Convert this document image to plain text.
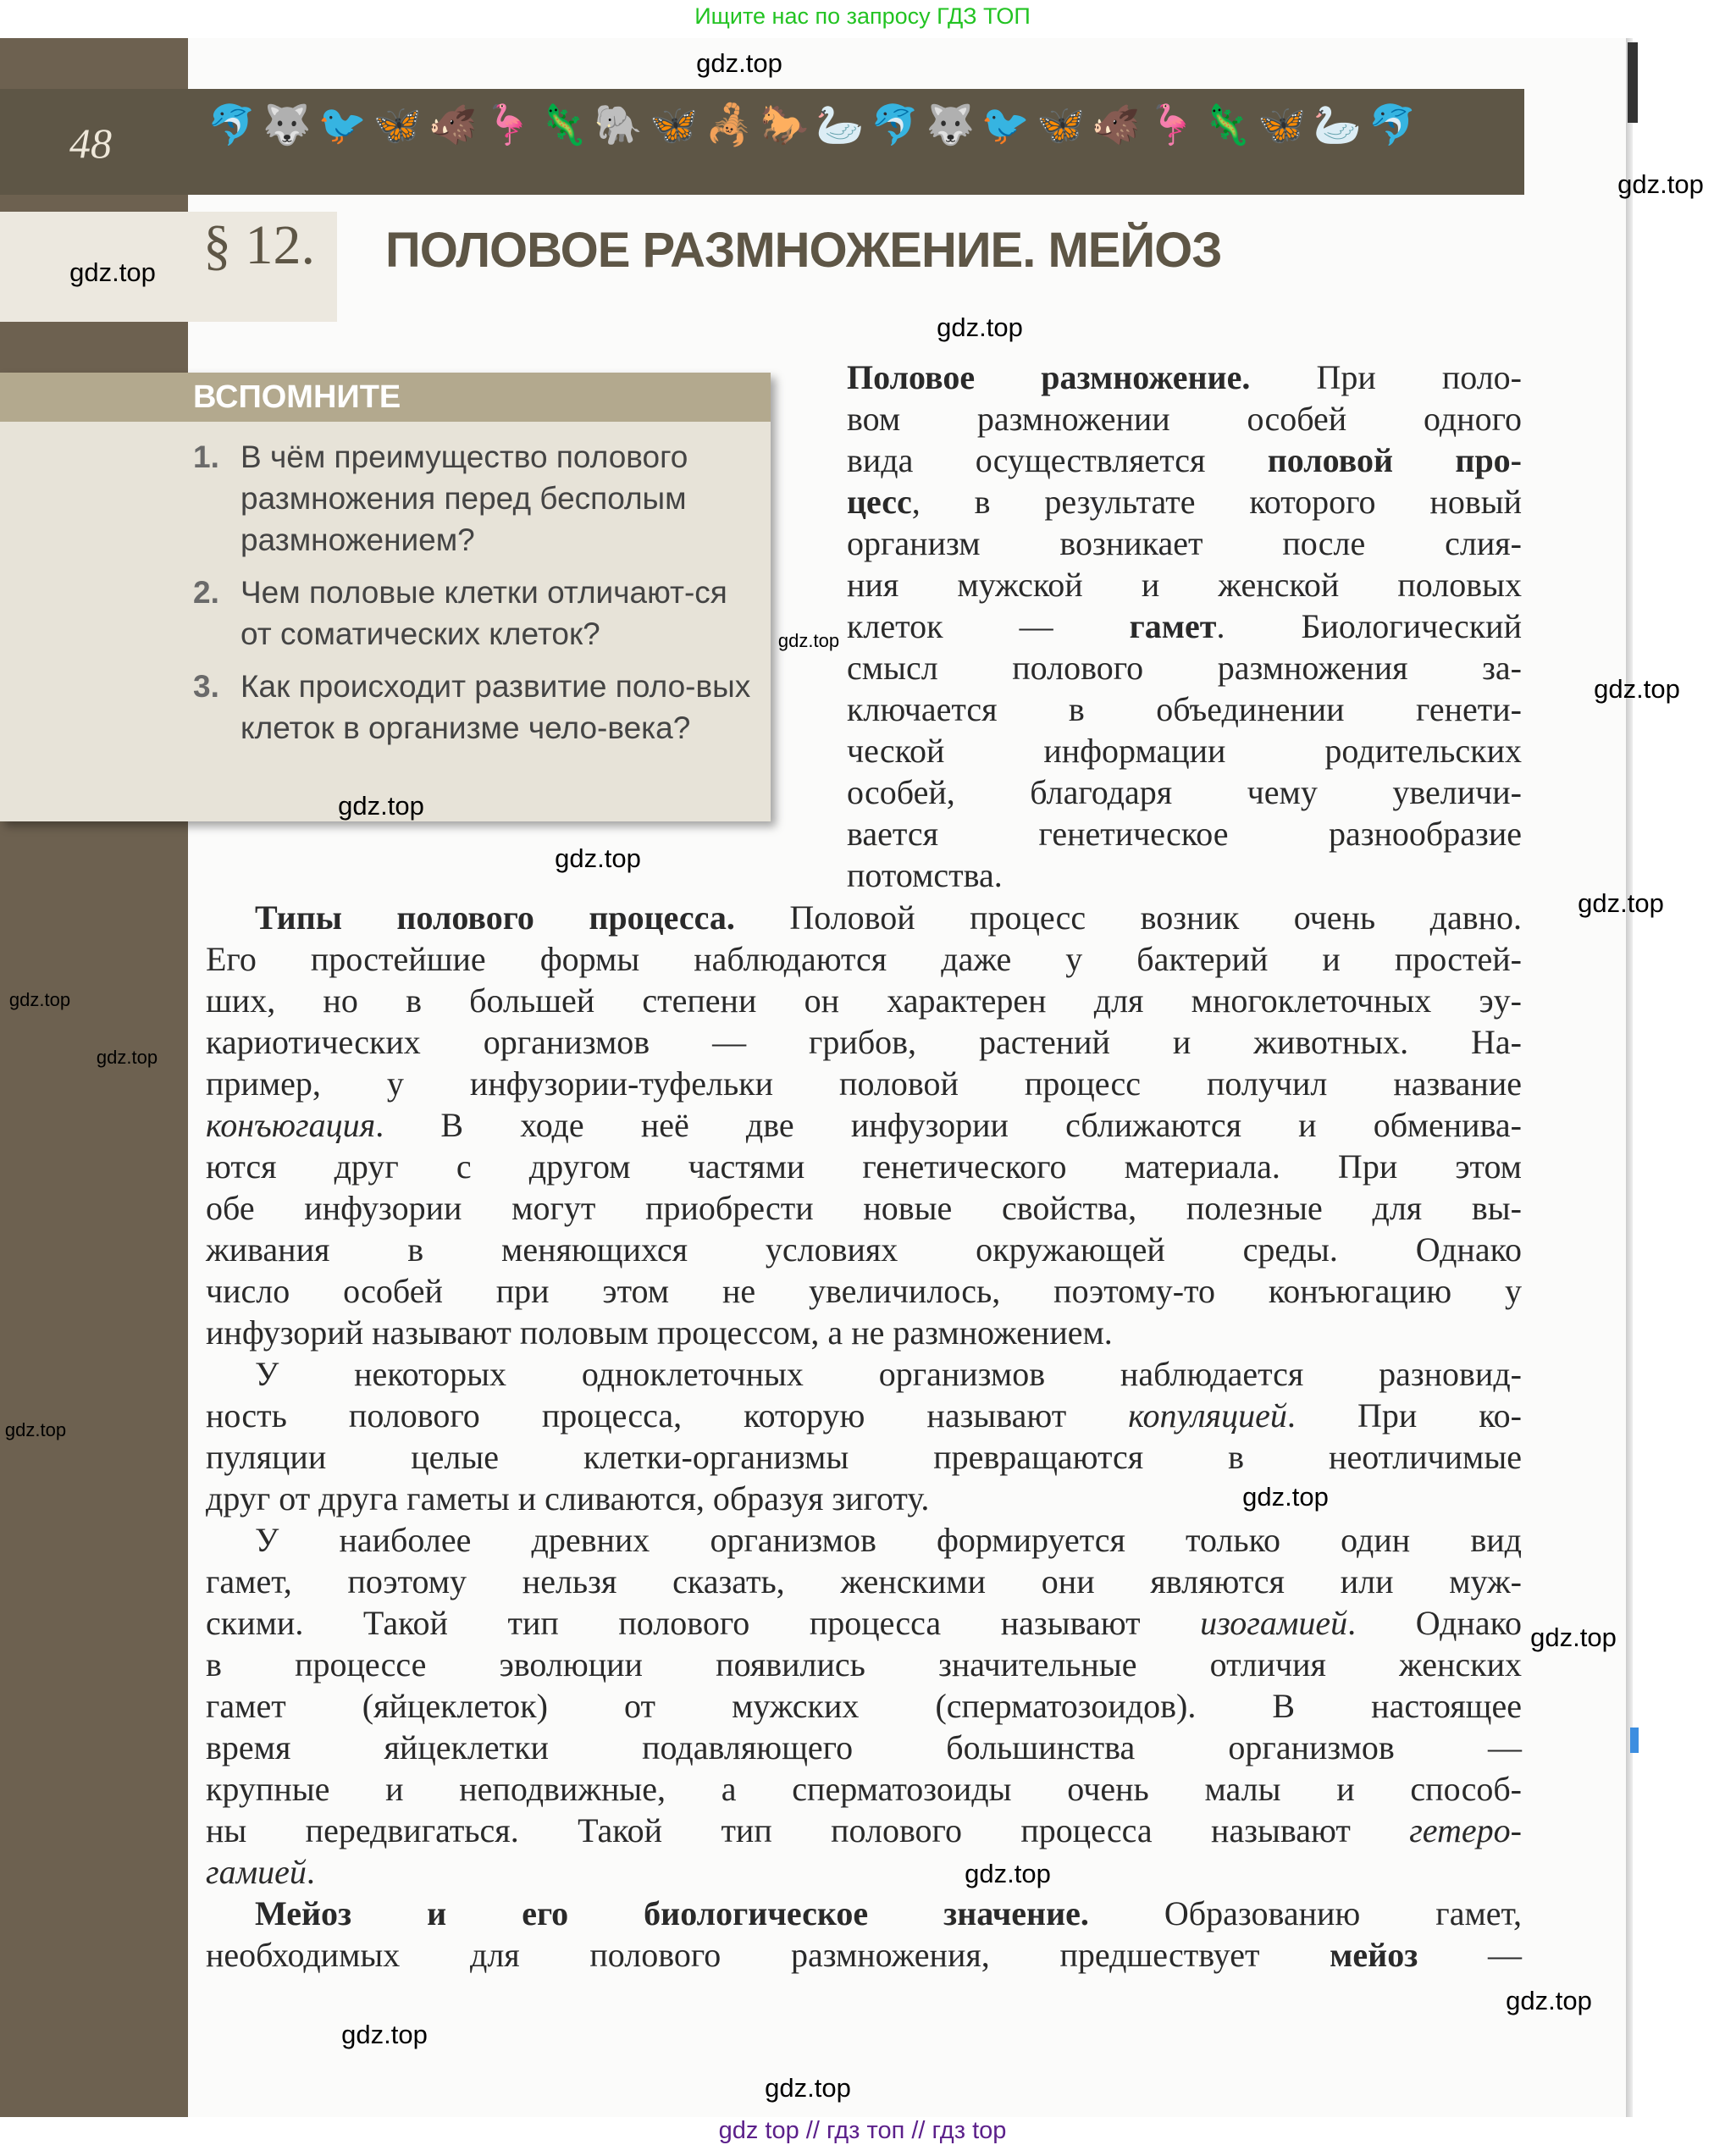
Ищите нас по запросу ГДЗ ТОП
48 🐬🐺🐦🦋🐗🦩🦎🐘🦋🦂🐎🦢🐬🐺🐦🦋🐗🦩🦎🦋🦢🐬
§ 12. ПОЛОВОЕ РАЗМНОЖЕНИЕ. МЕЙОЗ
ВСПОМНИТЕ
1. В чём преимущество полового размножения перед бесполым размножением?
2. Чем половые клетки отличают-ся от соматических клеток?
3. Как происходит развитие поло-вых клеток в организме чело-века?
Половое размножение. При поло-
вом размножении особей одного
вида осуществляется половой про-
цесс, в результате которого новый
организм возникает после слия-
ния мужской и женской половых
клеток — гамет. Биологический
смысл полового размножения за-
ключается в объединении генети-
ческой информации родительских
особей, благодаря чему увеличи-
вается генетическое разнообразие
потомства.
Типы полового процесса. Половой процесс возник очень давно.
Его простейшие формы наблюдаются даже у бактерий и простей-
ших, но в большей степени он характерен для многоклеточных эу-
кариотических организмов — грибов, растений и животных. На-
пример, у инфузории-туфельки половой процесс получил название
конъюгация. В ходе неё две инфузории сближаются и обменива-
ются друг с другом частями генетического материала. При этом
обе инфузории могут приобрести новые свойства, полезные для вы-
живания в меняющихся условиях окружающей среды. Однако
число особей при этом не увеличилось, поэтому-то конъюгацию у
инфузорий называют половым процессом, а не размножением.
У некоторых одноклеточных организмов наблюдается разновид-
ность полового процесса, которую называют копуляцией. При ко-
пуляции целые клетки-организмы превращаются в неотличимые
друг от друга гаметы и сливаются, образуя зиготу.
У наиболее древних организмов формируется только один вид
гамет, поэтому нельзя сказать, женскими они являются или муж-
скими. Такой тип полового процесса называют изогамией. Однако
в процессе эволюции появились значительные отличия женских
гамет (яйцеклеток) от мужских (сперматозоидов). В настоящее
время яйцеклетки подавляющего большинства организмов —
крупные и неподвижные, а сперматозоиды очень малы и способ-
ны передвигаться. Такой тип полового процесса называют гетеро-
гамией.
Мейоз и его биологическое значение. Образованию гамет,
необходимых для полового размножения, предшествует мейоз —
gdz.top
gdz.top
gdz.top
gdz.top
gdz.top
gdz.top
gdz.top
gdz.top
gdz.top
gdz.top
gdz.top
gdz.top
gdz.top
gdz.top
gdz.top
gdz.top
gdz.top
gdz.top
gdz top // гдз топ // гдз top
